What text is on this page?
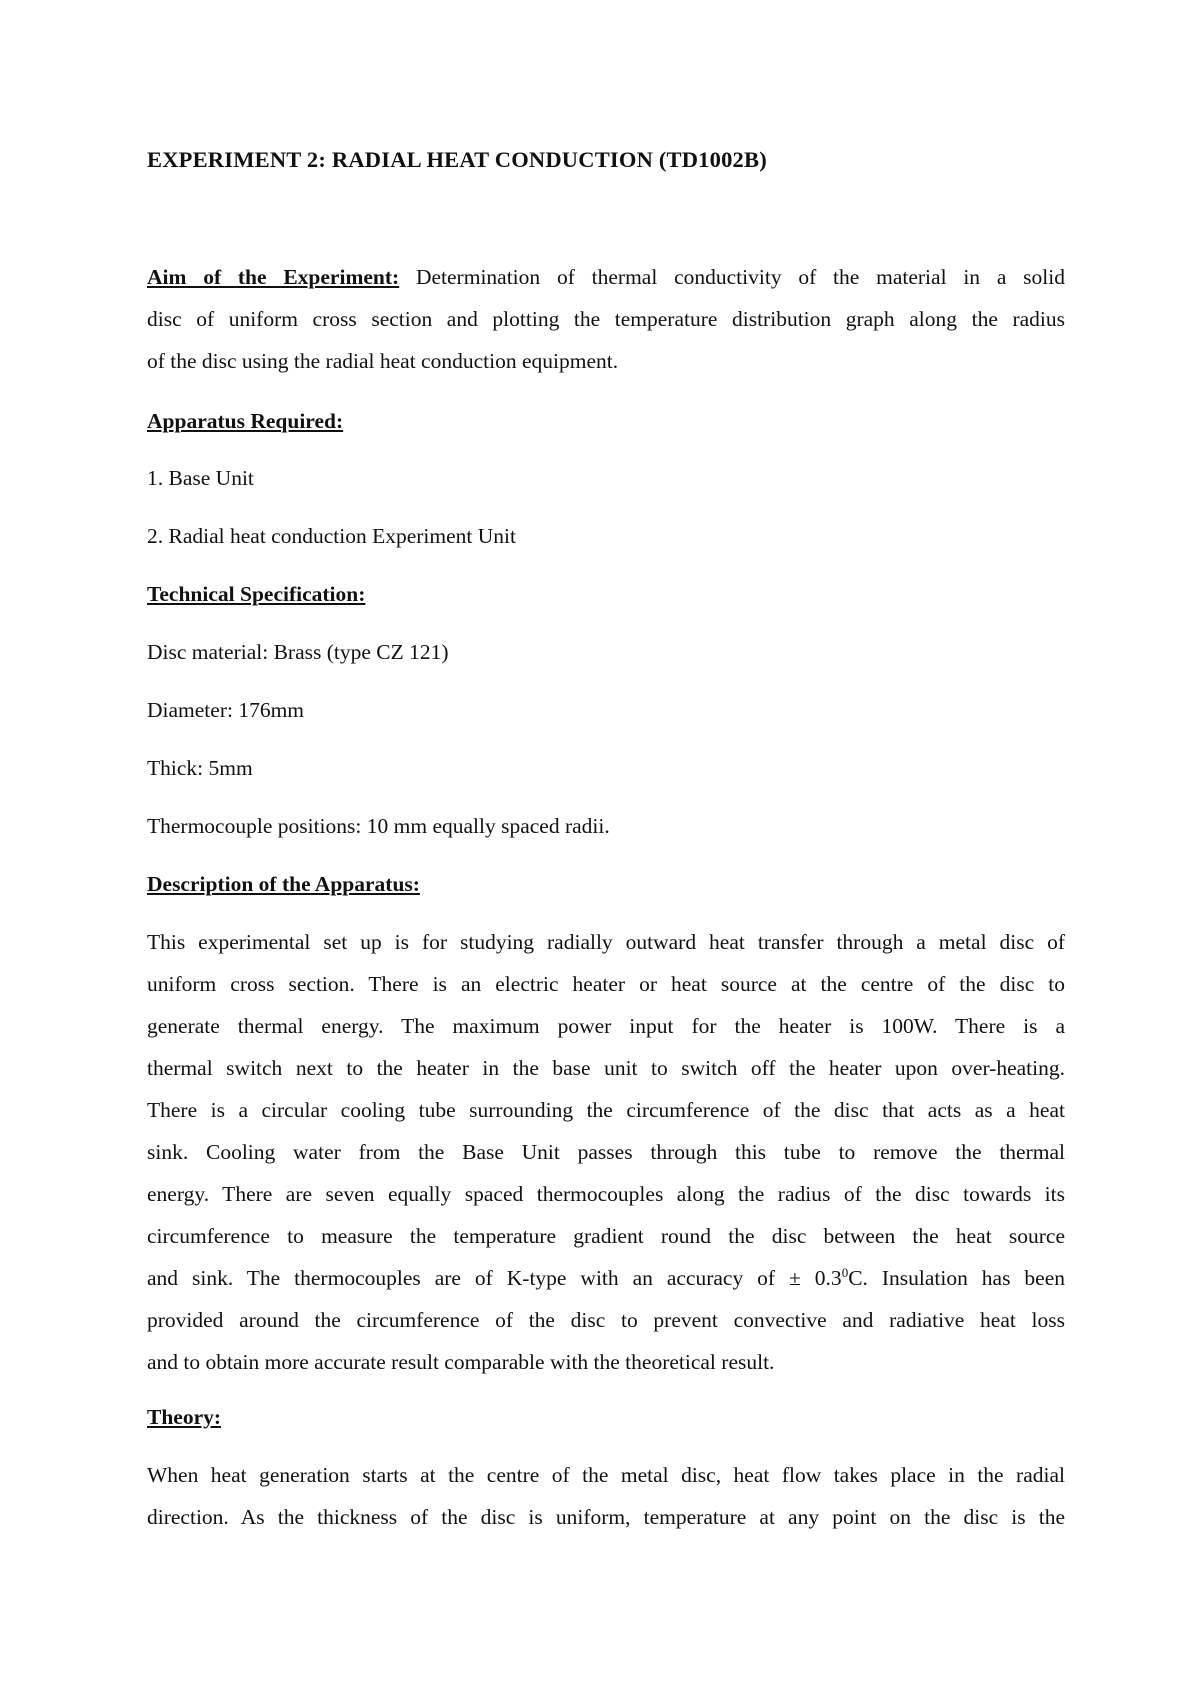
EXPERIMENT 2: RADIAL HEAT CONDUCTION (TD1002B)
Aim of the Experiment: Determination of thermal conductivity of the material in a solid
disc of uniform cross section and plotting the temperature distribution graph along the radius
of the disc using the radial heat conduction equipment.
Apparatus Required:
1. Base Unit
2. Radial heat conduction Experiment Unit
Technical Specification:
Disc material: Brass (type CZ 121)
Diameter: 176mm
Thick: 5mm
Thermocouple positions: 10 mm equally spaced radii.
Description of the Apparatus:
This experimental set up is for studying radially outward heat transfer through a metal disc of
uniform cross section. There is an electric heater or heat source at the centre of the disc to
generate thermal energy. The maximum power input for the heater is 100W. There is a
thermal switch next to the heater in the base unit to switch off the heater upon over-heating.
There is a circular cooling tube surrounding the circumference of the disc that acts as a heat
sink. Cooling water from the Base Unit passes through this tube to remove the thermal
energy. There are seven equally spaced thermocouples along the radius of the disc towards its
circumference to measure the temperature gradient round the disc between the heat source
and sink. The thermocouples are of K-type with an accuracy of ± $0.3^0C$. Insulation has been
provided around the circumference of the disc to prevent convective and radiative heat loss
and to obtain more accurate result comparable with the theoretical result.
Theory:
When heat generation starts at the centre of the metal disc, heat flow takes place in the radial
direction. As the thickness of the disc is uniform, temperature at any point on the disc is the
